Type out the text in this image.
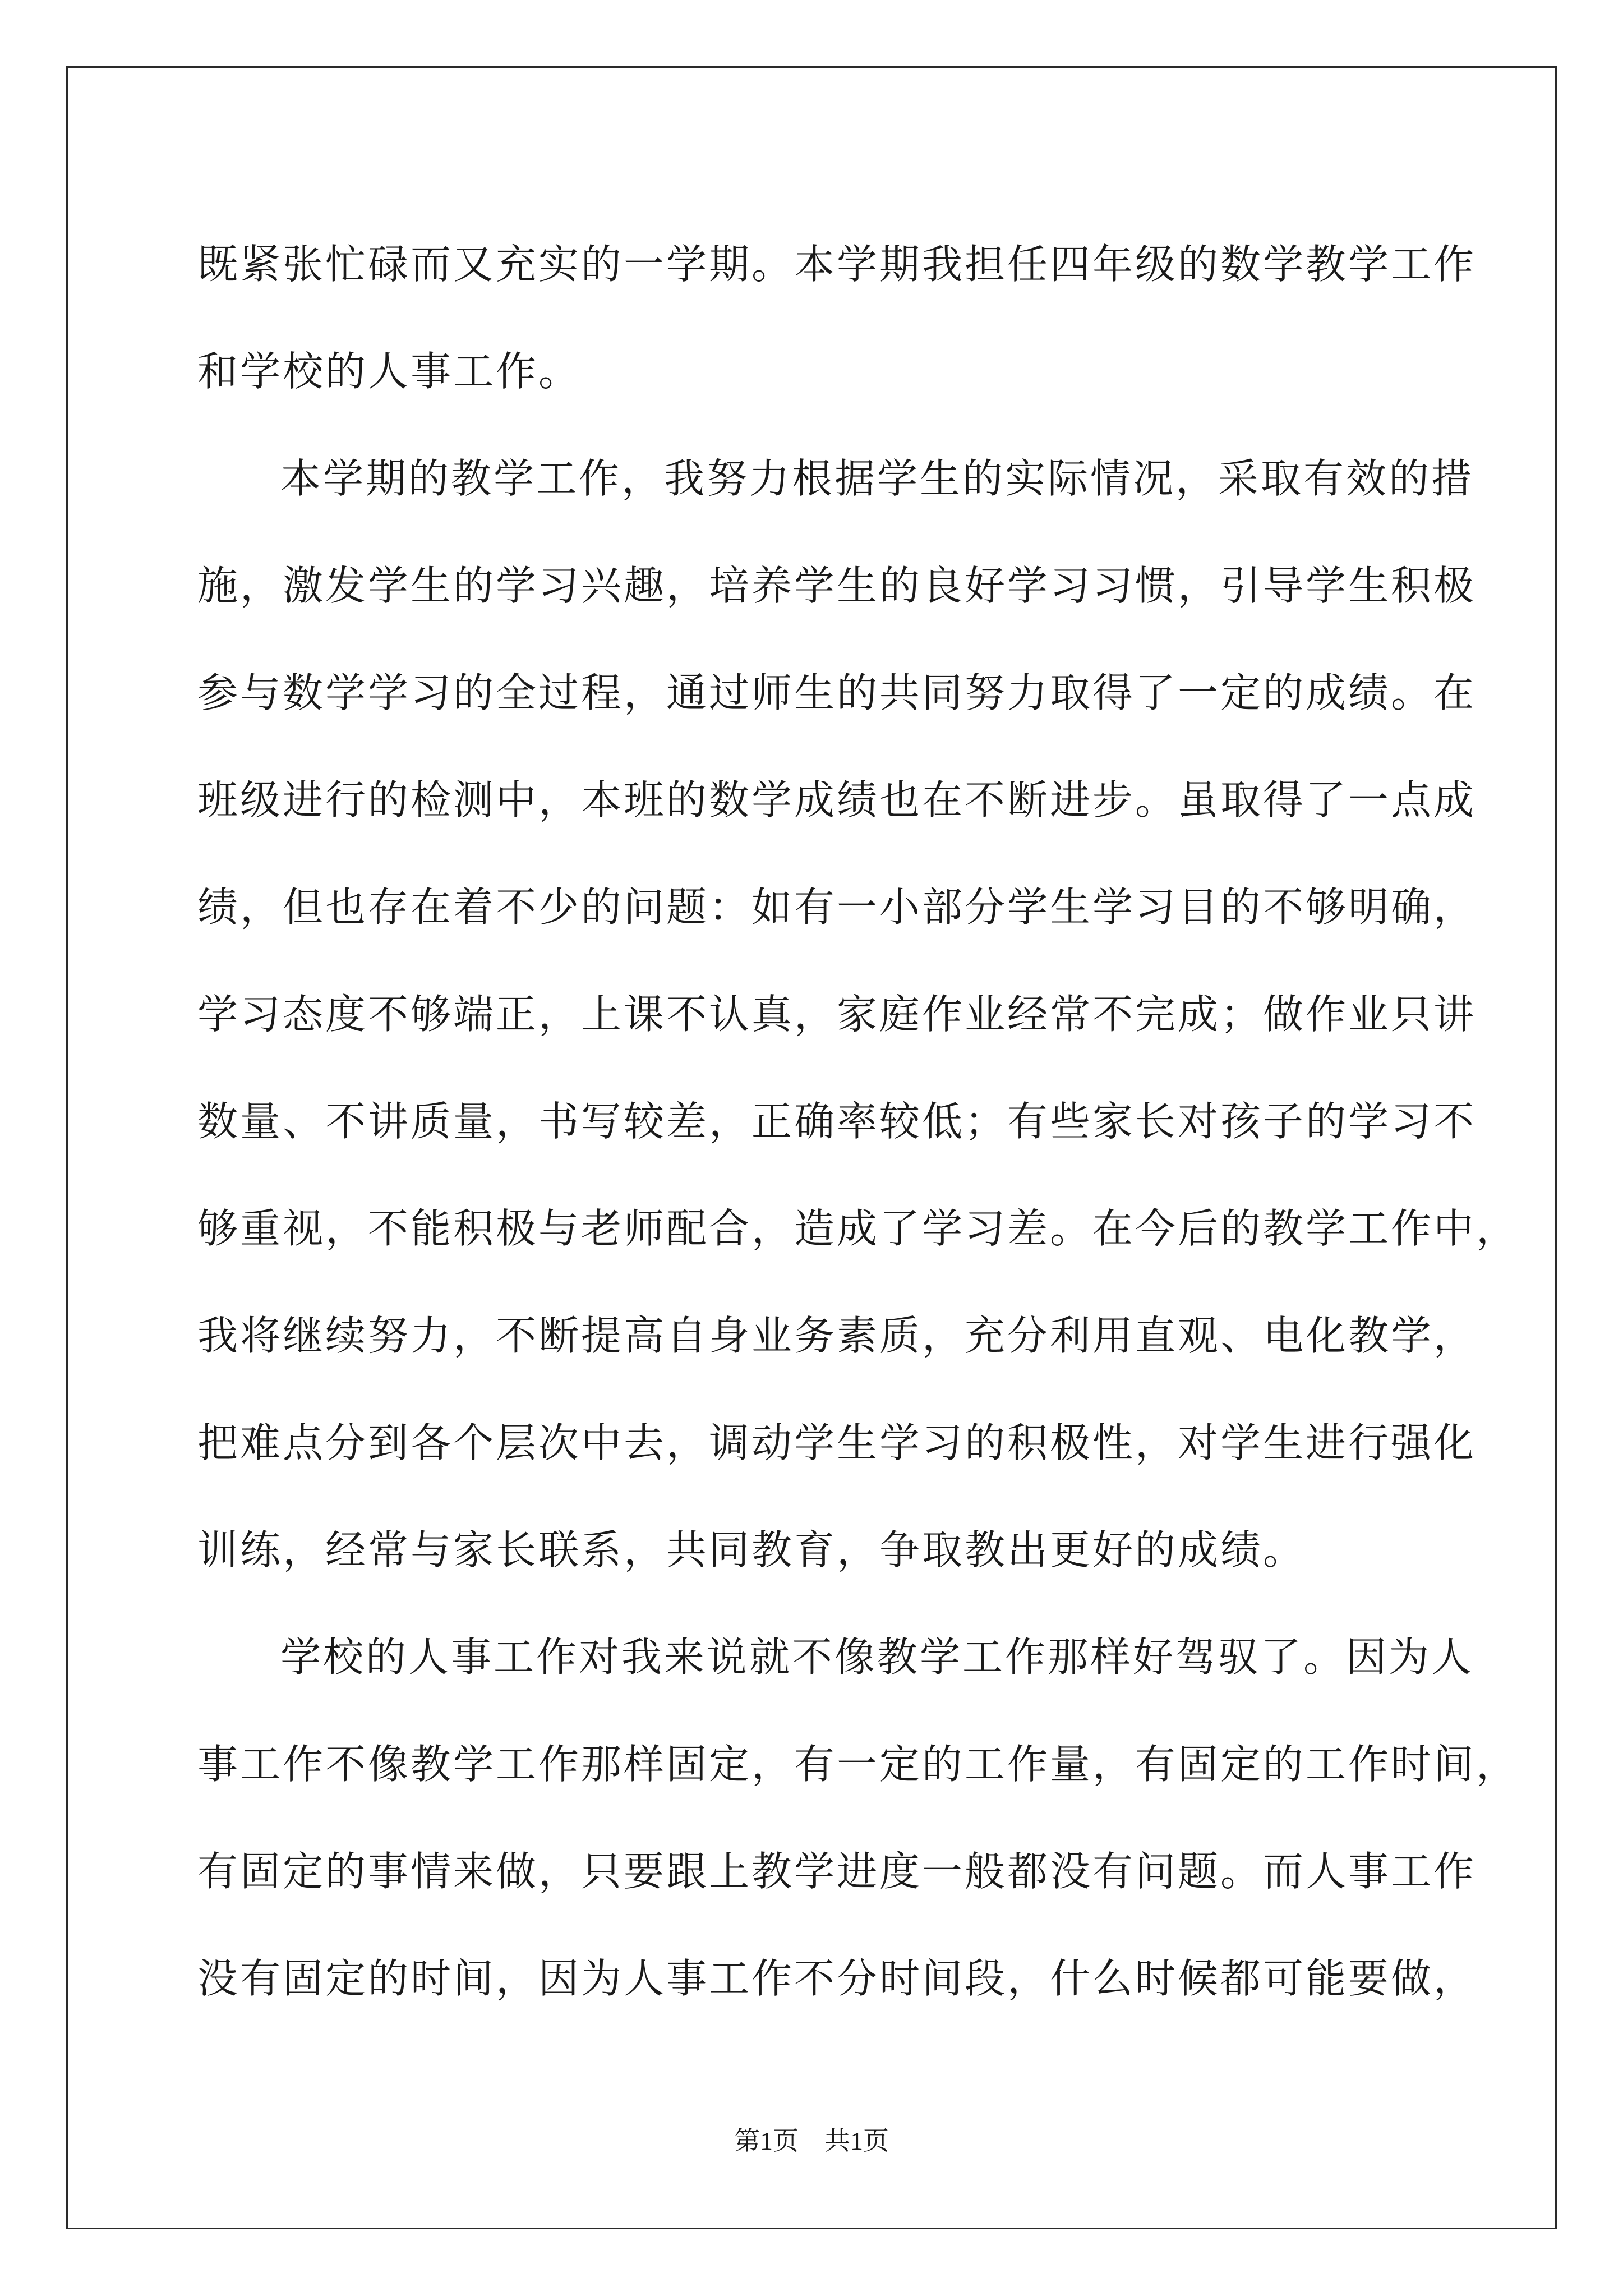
既紧张忙碌而又充实的一学期。本学期我担任四年级的数学教学工作
和学校的人事工作。
本学期的教学工作，我努力根据学生的实际情况，采取有效的措
施，激发学生的学习兴趣，培养学生的良好学习习惯，引导学生积极
参与数学学习的全过程，通过师生的共同努力取得了一定的成绩。在
班级进行的检测中，本班的数学成绩也在不断进步。虽取得了一点成
绩，但也存在着不少的问题：如有一小部分学生学习目的不够明确，
学习态度不够端正，上课不认真，家庭作业经常不完成；做作业只讲
数量、不讲质量，书写较差，正确率较低；有些家长对孩子的学习不
够重视，不能积极与老师配合，造成了学习差。在今后的教学工作中，
我将继续努力，不断提高自身业务素质，充分利用直观、电化教学，
把难点分到各个层次中去，调动学生学习的积极性，对学生进行强化
训练，经常与家长联系，共同教育，争取教出更好的成绩。
学校的人事工作对我来说就不像教学工作那样好驾驭了。因为人
事工作不像教学工作那样固定，有一定的工作量，有固定的工作时间，
有固定的事情来做，只要跟上教学进度一般都没有问题。而人事工作
没有固定的时间，因为人事工作不分时间段，什么时候都可能要做，
第1页　共1页
